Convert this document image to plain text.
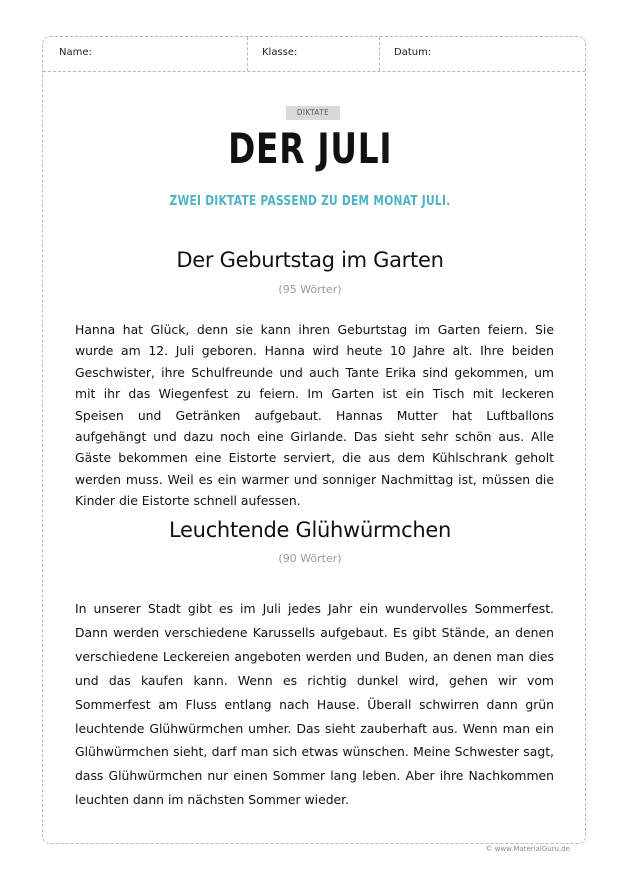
Name:	Klasse:	Datum:
DIKTATE
DER JULI
ZWEI DIKTATE PASSEND ZU DEM MONAT JULI.
Der Geburtstag im Garten
(95 Wörter)
Hanna hat Glück, denn sie kann ihren Geburtstag im Garten feiern. Sie wurde am 12. Juli geboren. Hanna wird heute 10 Jahre alt. Ihre beiden Geschwister, ihre Schulfreunde und auch Tante Erika sind gekommen, um mit ihr das Wiegenfest zu feiern. Im Garten ist ein Tisch mit leckeren Speisen und Getränken aufgebaut. Hannas Mutter hat Luftballons aufgehängt und dazu noch eine Girlande. Das sieht sehr schön aus. Alle Gäste bekommen eine Eistorte serviert, die aus dem Kühlschrank geholt werden muss. Weil es ein warmer und sonniger Nachmittag ist, müssen die Kinder die Eistorte schnell aufessen.
Leuchtende Glühwürmchen
(90 Wörter)
In unserer Stadt gibt es im Juli jedes Jahr ein wundervolles Sommerfest. Dann werden verschiedene Karussells aufgebaut. Es gibt Stände, an denen verschiedene Leckereien angeboten werden und Buden, an denen man dies und das kaufen kann. Wenn es richtig dunkel wird, gehen wir vom Sommerfest am Fluss entlang nach Hause. Überall schwirren dann grün leuchtende Glühwürmchen umher. Das sieht zauberhaft aus. Wenn man ein Glühwürmchen sieht, darf man sich etwas wünschen. Meine Schwester sagt, dass Glühwürmchen nur einen Sommer lang leben. Aber ihre Nachkommen leuchten dann im nächsten Sommer wieder.
© www.MaterialGuru.de
